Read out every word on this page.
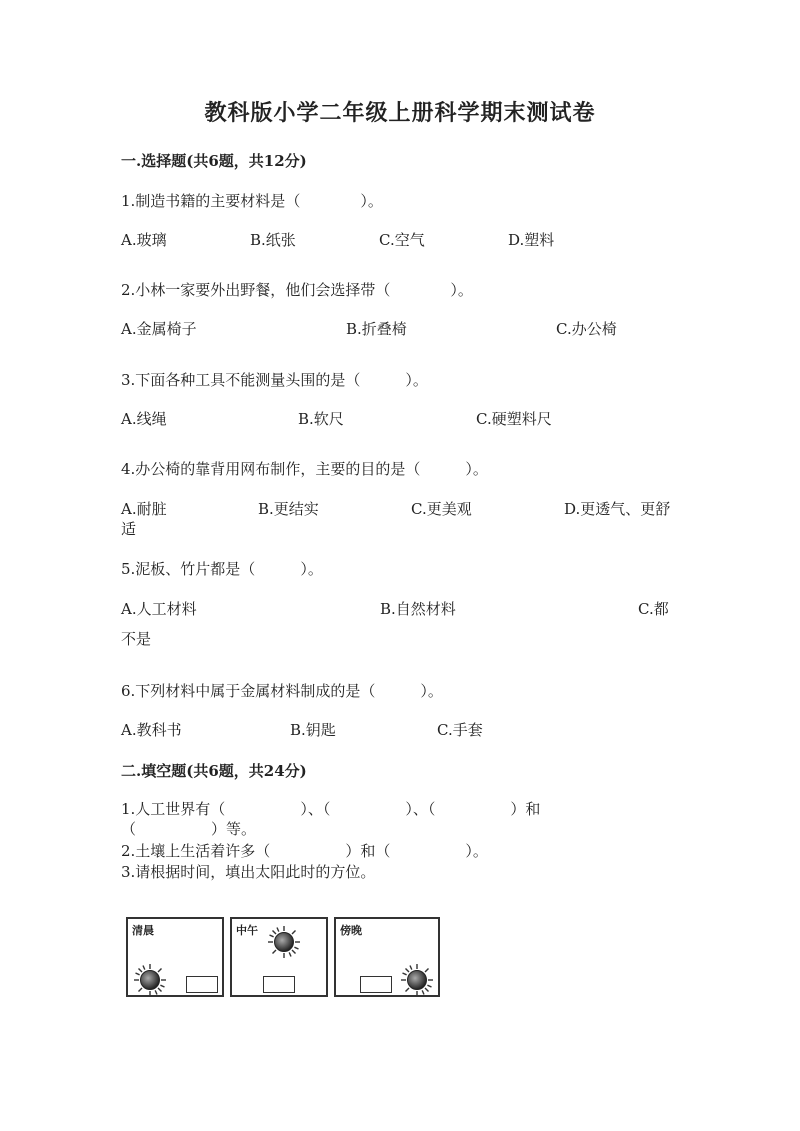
教科版小学二年级上册科学期末测试卷
一.选择题(共6题，共12分)
1.制造书籍的主要材料是（　　　　）。
A.玻璃	B.纸张	C.空气	D.塑料
2.小林一家要外出野餐，他们会选择带（　　　　）。
A.金属椅子	B.折叠椅	C.办公椅
3.下面各种工具不能测量头围的是（　　　）。
A.线绳	B.软尺	C.硬塑料尺
4.办公椅的靠背用网布制作，主要的目的是（　　　）。
A.耐脏	B.更结实	C.更美观	D.更透气、更舒
适
5.泥板、竹片都是（　　　）。
A.人工材料	B.自然材料	C.都
不是
6.下列材料中属于金属材料制成的是（　　　）。
A.教科书	B.钥匙	C.手套
二.填空题(共6题，共24分)
1.人工世界有（　　　　　）、（　　　　　）、（　　　　　）和
（　　　　　）等。
2.土壤上生活着许多（　　　　　）和（　　　　　）。
3.请根据时间，填出太阳此时的方位。
清晨	中午	傍晚
